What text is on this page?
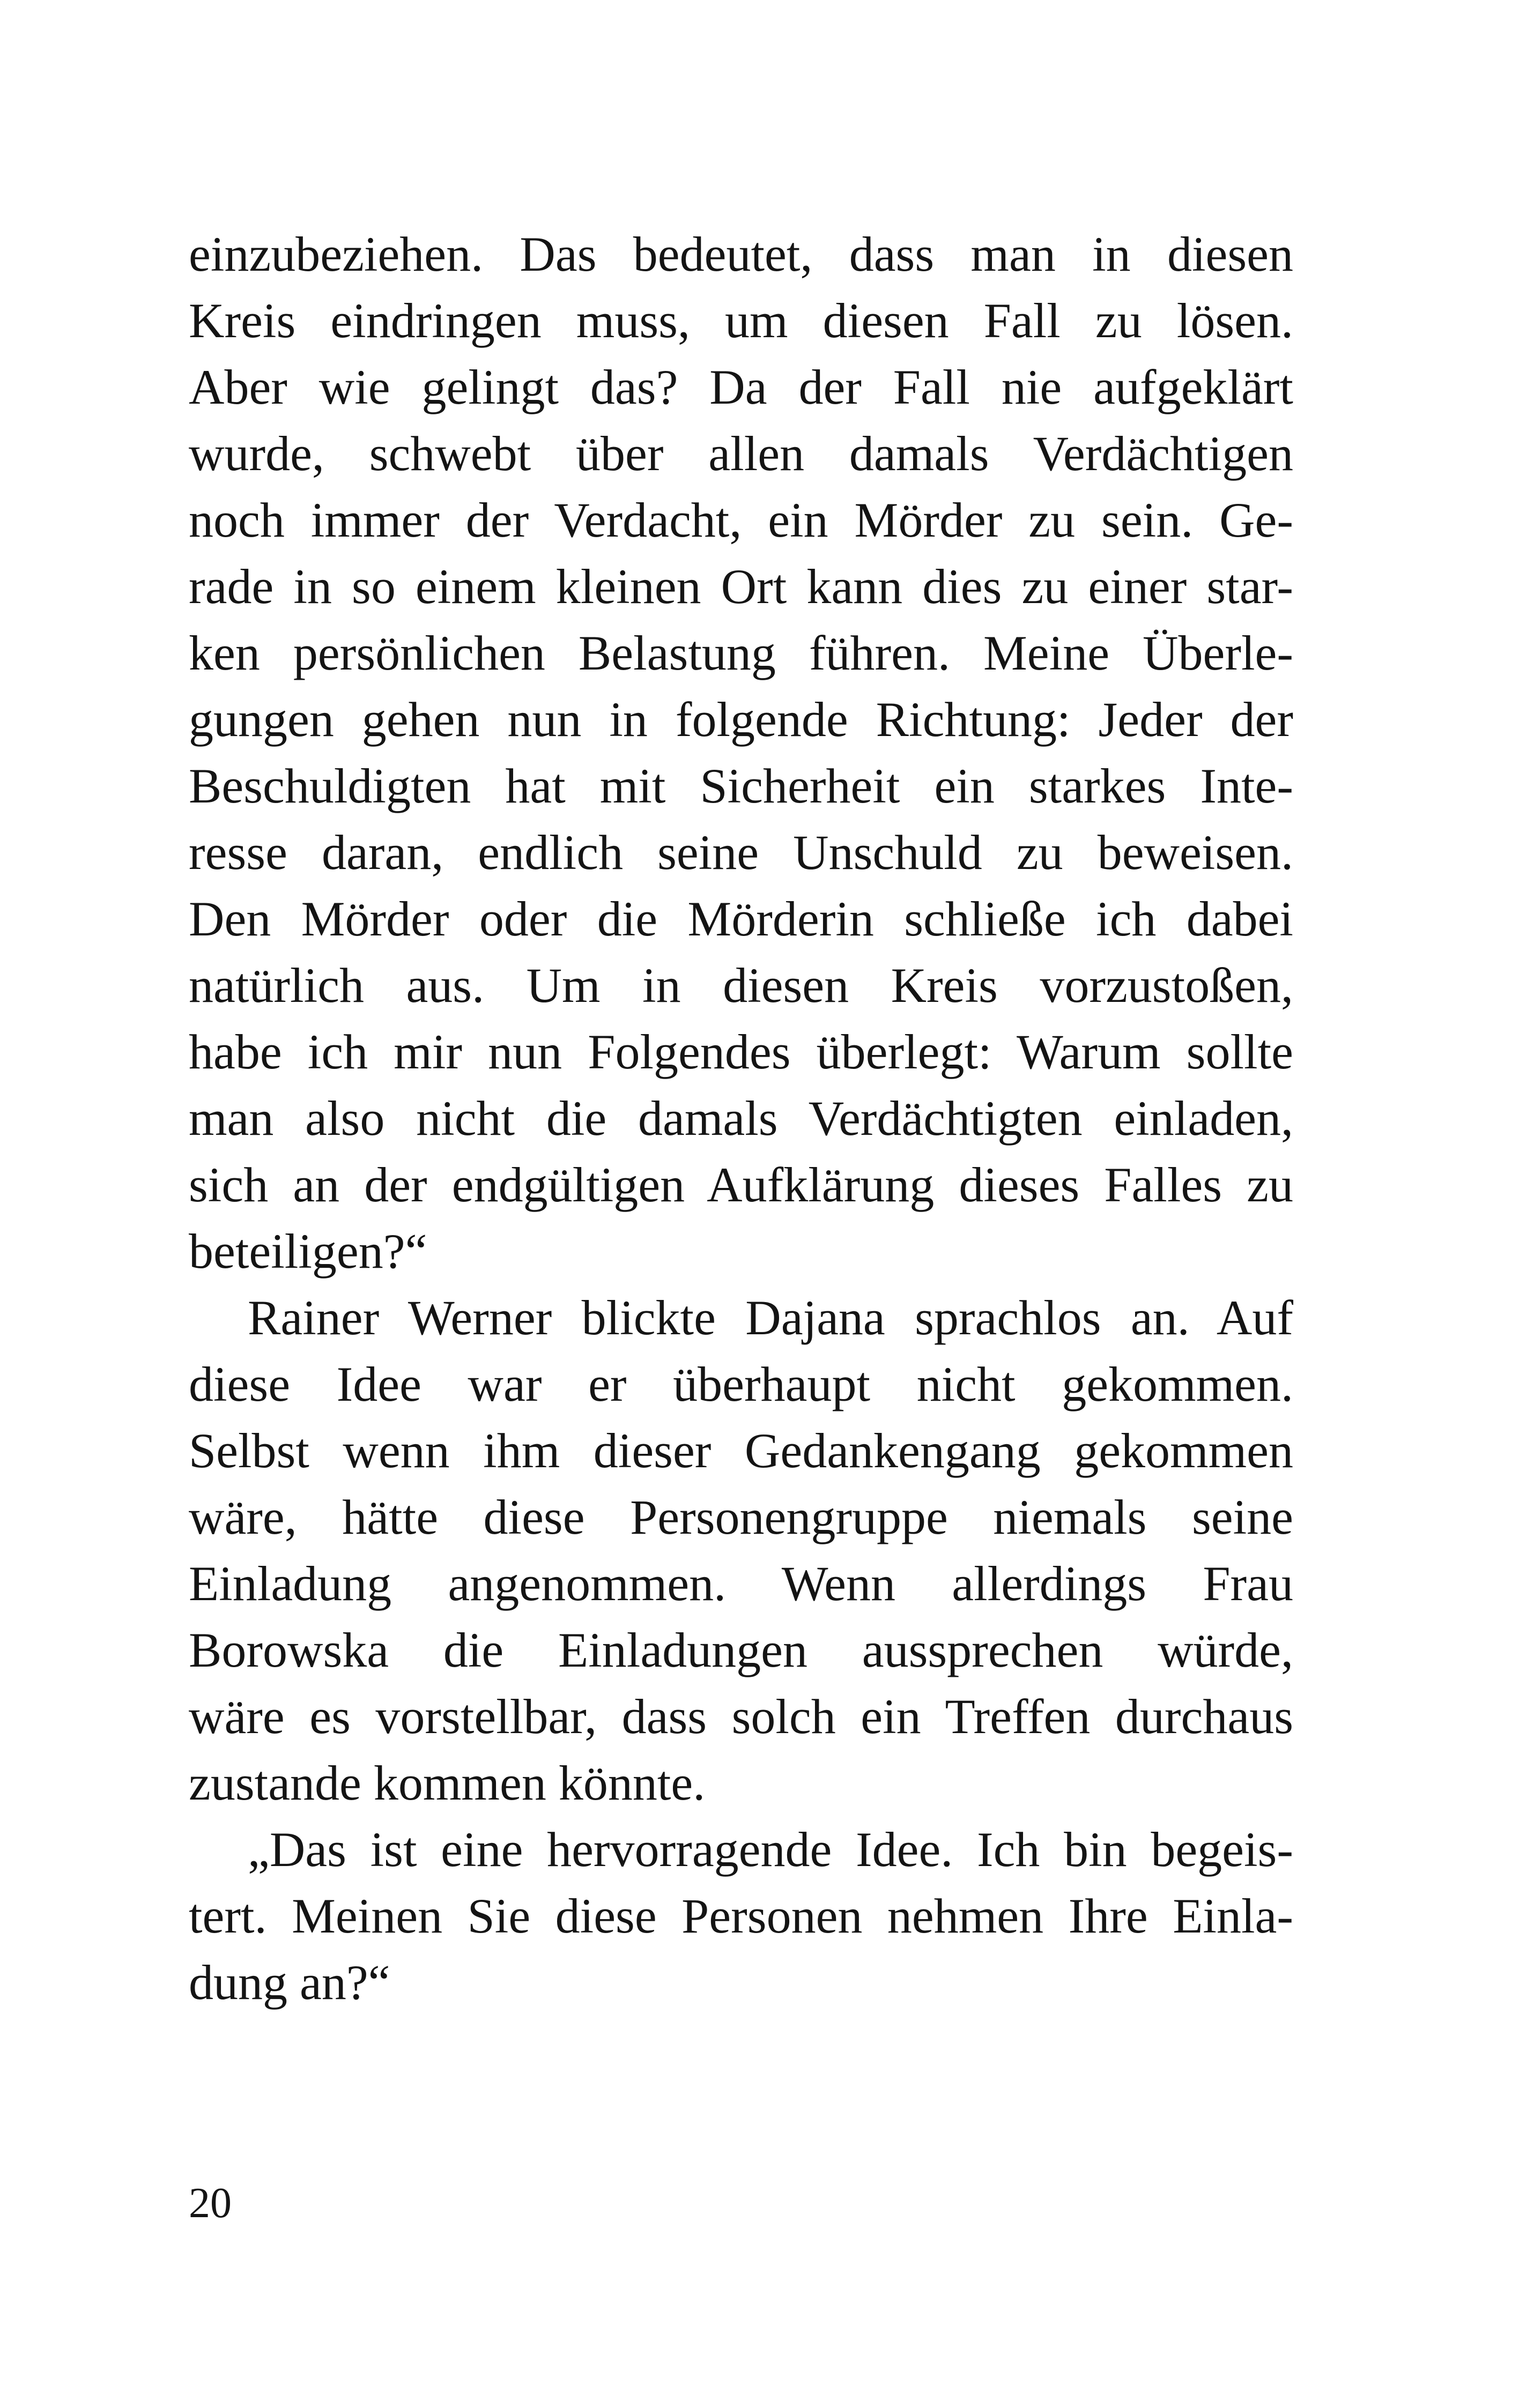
einzubeziehen. Das bedeutet, dass man in diesen
Kreis eindringen muss, um diesen Fall zu lösen.
Aber wie gelingt das? Da der Fall nie aufgeklärt
wurde, schwebt über allen damals Verdächtigen
noch immer der Verdacht, ein Mörder zu sein. Ge-
rade in so einem kleinen Ort kann dies zu einer star-
ken persönlichen Belastung führen. Meine Überle-
gungen gehen nun in folgende Richtung: Jeder der
Beschuldigten hat mit Sicherheit ein starkes Inte-
resse daran, endlich seine Unschuld zu beweisen.
Den Mörder oder die Mörderin schließe ich dabei
natürlich aus. Um in diesen Kreis vorzustoßen,
habe ich mir nun Folgendes überlegt: Warum sollte
man also nicht die damals Verdächtigten einladen,
sich an der endgültigen Aufklärung dieses Falles zu
beteiligen?“
Rainer Werner blickte Dajana sprachlos an. Auf
diese Idee war er überhaupt nicht gekommen.
Selbst wenn ihm dieser Gedankengang gekommen
wäre, hätte diese Personengruppe niemals seine
Einladung angenommen. Wenn allerdings Frau
Borowska die Einladungen aussprechen würde,
wäre es vorstellbar, dass solch ein Treffen durchaus
zustande kommen könnte.
„Das ist eine hervorragende Idee. Ich bin begeis-
tert. Meinen Sie diese Personen nehmen Ihre Einla-
dung an?“
20
